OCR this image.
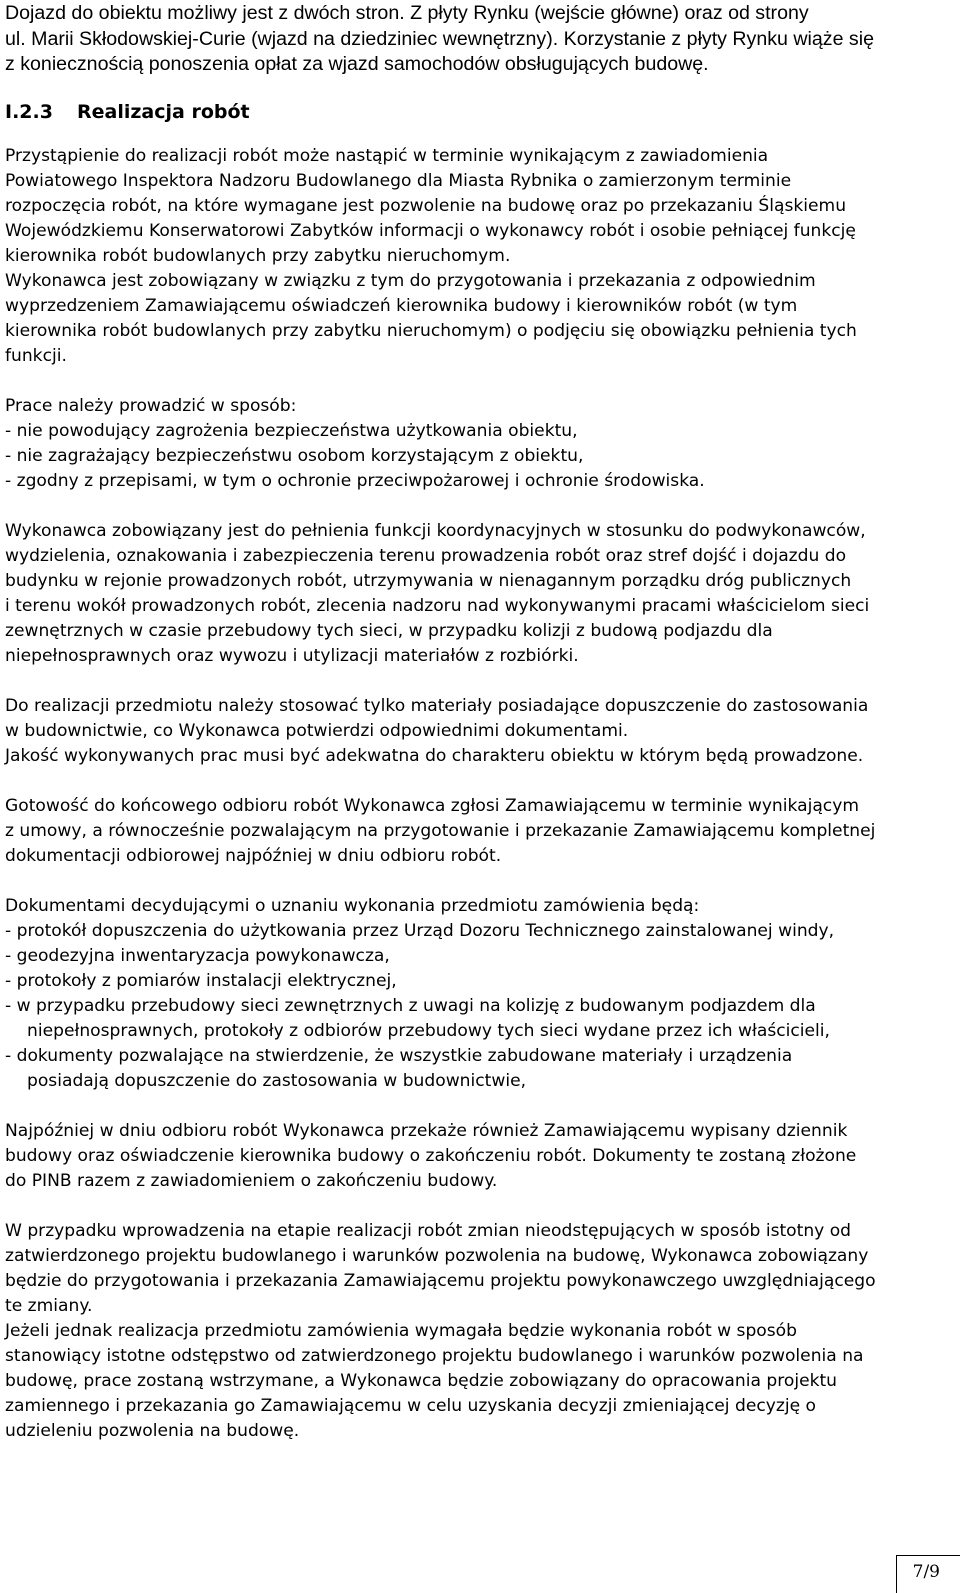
Dojazd do obiektu możliwy jest z dwóch stron. Z płyty Rynku (wejście główne) oraz od strony
ul. Marii Skłodowskiej-Curie (wjazd na dziedziniec wewnętrzny). Korzystanie z płyty Rynku wiąże się
z koniecznością ponoszenia opłat za wjazd samochodów obsługujących budowę.
I.2.3 Realizacja robót

Przystąpienie do realizacji robót może nastąpić w terminie wynikającym z zawiadomienia
Powiatowego Inspektora Nadzoru Budowlanego dla Miasta Rybnika o zamierzonym terminie
rozpoczęcia robót, na które wymagane jest pozwolenie na budowę oraz po przekazaniu Śląskiemu
Wojewódzkiemu Konserwatorowi Zabytków informacji o wykonawcy robót i osobie pełniącej funkcję
kierownika robót budowlanych przy zabytku nieruchomym.

Wykonawca jest zobowiązany w związku z tym do przygotowania i przekazania z odpowiednim
wyprzedzeniem Zamawiającemu oświadczeń kierownika budowy i kierowników robót (w tym
kierownika robót budowlanych przy zabytku nieruchomym) o podjęciu się obowiązku pełnienia tych
funkcji.

Prace należy prowadzić w sposób:
- nie powodujący zagrożenia bezpieczeństwa użytkowania obiektu,
- nie zagrażający bezpieczeństwu osobom korzystającym z obiektu,
- zgodny z przepisami, w tym o ochronie przeciwpożarowej i ochronie środowiska.

Wykonawca zobowiązany jest do pełnienia funkcji koordynacyjnych w stosunku do podwykonawców,
wydzielenia, oznakowania i zabezpieczenia terenu prowadzenia robót oraz stref dojść i dojazdu do
budynku w rejonie prowadzonych robót, utrzymywania w nienagannym porządku dróg publicznych
i terenu wokół prowadzonych robót, zlecenia nadzoru nad wykonywanymi pracami właścicielom sieci
zewnętrznych w czasie przebudowy tych sieci, w przypadku kolizji z budową podjazdu dla
niepełnosprawnych oraz wywozu i utylizacji materiałów z rozbiórki.

Do realizacji przedmiotu należy stosować tylko materiały posiadające dopuszczenie do zastosowania
w budownictwie, co Wykonawca potwierdzi odpowiednimi dokumentami.
Jakość wykonywanych prac musi być adekwatna do charakteru obiektu w którym będą prowadzone.

Gotowość do końcowego odbioru robót Wykonawca zgłosi Zamawiającemu w terminie wynikającym
z umowy, a równocześnie pozwalającym na przygotowanie i przekazanie Zamawiającemu kompletnej
dokumentacji odbiorowej najpóźniej w dniu odbioru robót.

Dokumentami decydującymi o uznaniu wykonania przedmiotu zamówienia będą:
- protokół dopuszczenia do użytkowania przez Urząd Dozoru Technicznego zainstalowanej windy,
- geodezyjna inwentaryzacja powykonawcza,
- protokoły z pomiarów instalacji elektrycznej,
- w przypadku przebudowy sieci zewnętrznych z uwagi na kolizję z budowanym podjazdem dla
niepełnosprawnych, protokoły z odbiorów przebudowy tych sieci wydane przez ich właścicieli,
- dokumenty pozwalające na stwierdzenie, że wszystkie zabudowane materiały i urządzenia
posiadają dopuszczenie do zastosowania w budownictwie,

Najpóźniej w dniu odbioru robót Wykonawca przekaże również Zamawiającemu wypisany dziennik
budowy oraz oświadczenie kierownika budowy o zakończeniu robót. Dokumenty te zostaną złożone
do PINB razem z zawiadomieniem o zakończeniu budowy.

W przypadku wprowadzenia na etapie realizacji robót zmian nieodstępujących w sposób istotny od
zatwierdzonego projektu budowlanego i warunków pozwolenia na budowę, Wykonawca zobowiązany
będzie do przygotowania i przekazania Zamawiającemu projektu powykonawczego uwzględniającego
te zmiany.

Jeżeli jednak realizacja przedmiotu zamówienia wymagała będzie wykonania robót w sposób
stanowiący istotne odstępstwo od zatwierdzonego projektu budowlanego i warunków pozwolenia na
budowę, prace zostaną wstrzymane, a Wykonawca będzie zobowiązany do opracowania projektu
zamiennego i przekazania go Zamawiającemu w celu uzyskania decyzji zmieniającej decyzję o
udzieleniu pozwolenia na budowę.

7/9
